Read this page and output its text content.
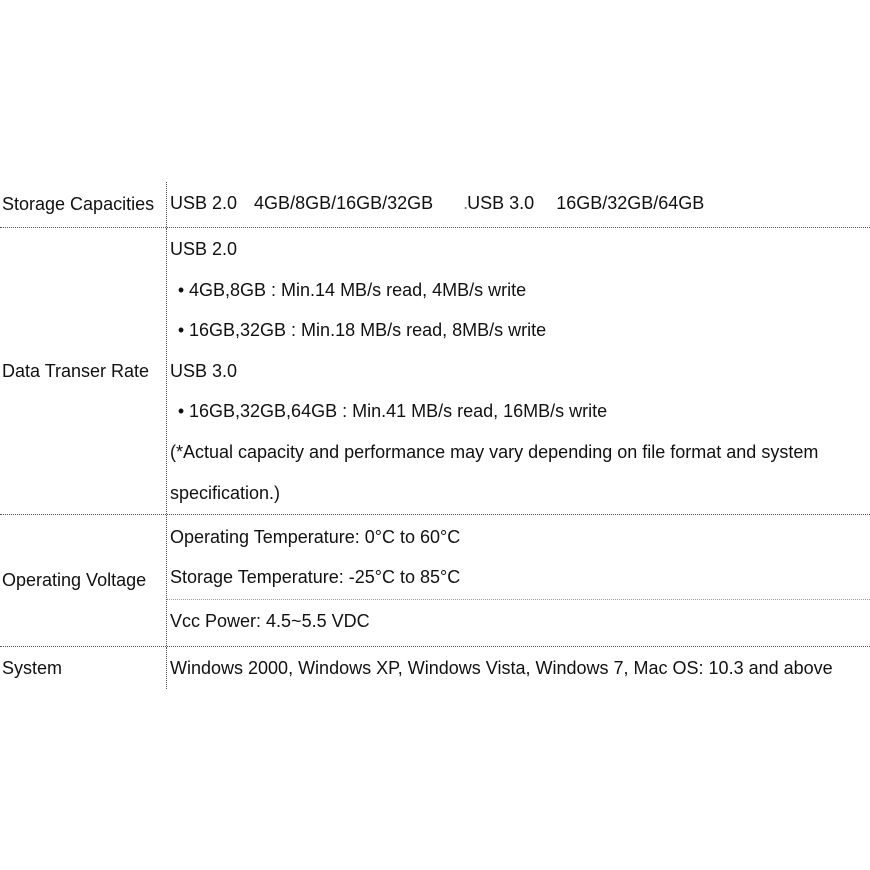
Storage Capacities USB 2.0 4GB/8GB/16GB/32GB .USB 3.0 16GB/32GB/64GB
Data Transer Rate
USB 2.0
• 4GB,8GB : Min.14 MB/s read, 4MB/s write
• 16GB,32GB : Min.18 MB/s read, 8MB/s write
USB 3.0
• 16GB,32GB,64GB : Min.41 MB/s read, 16MB/s write
(*Actual capacity and performance may vary depending on file format and system
specification.)
Operating Voltage
Operating Temperature: 0°C to 60°C
Storage Temperature: -25°C to 85°C
Vcc Power: 4.5~5.5 VDC
System	Windows 2000, Windows XP, Windows Vista, Windows 7, Mac OS: 10.3 and above
